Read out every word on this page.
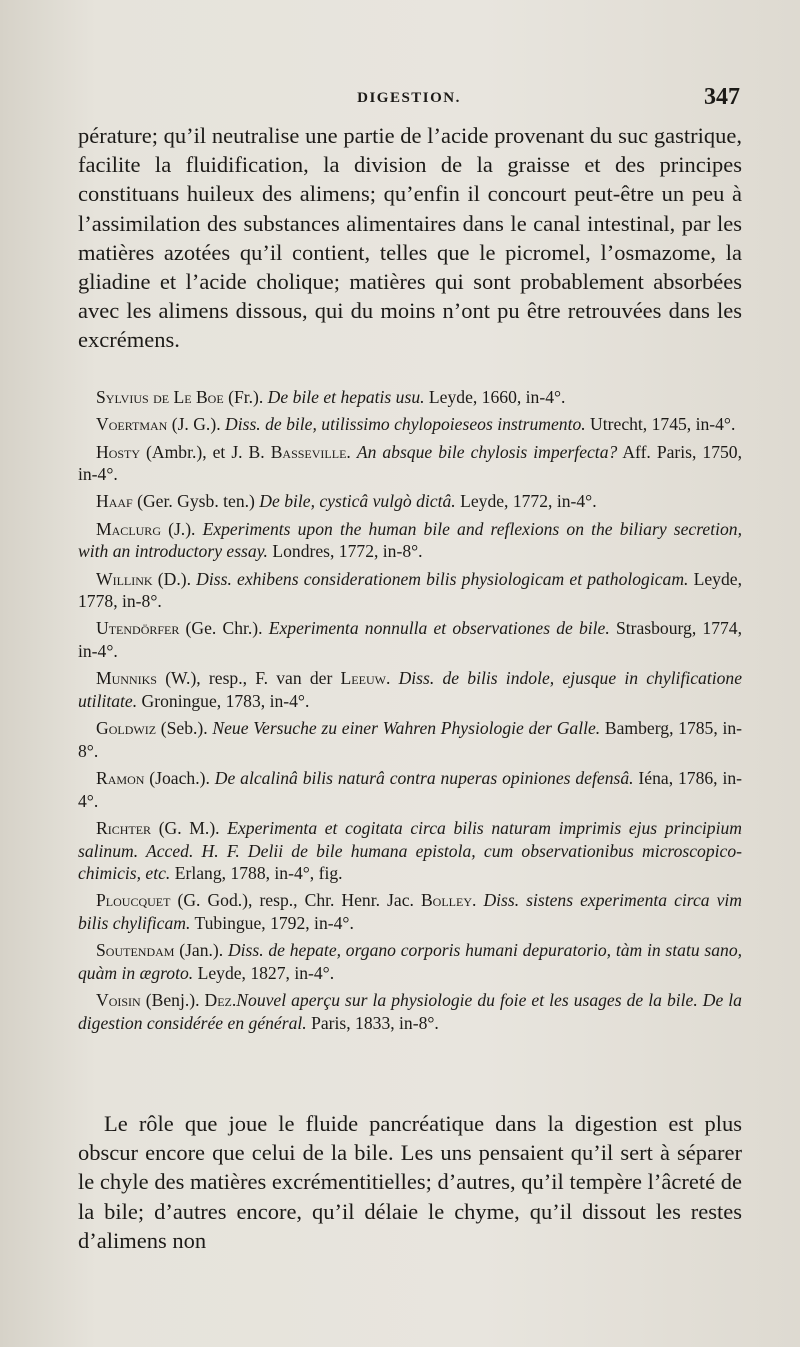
DIGESTION.	347

pérature; qu’il neutralise une partie de l’acide provenant du suc gastrique, facilite la fluidification, la division de la graisse et des principes constituans huileux des alimens; qu’enfin il concourt peut-être un peu à l’assimilation des substances alimentaires dans le canal intestinal, par les matières azotées qu’il contient, telles que le picromel, l’osmazome, la gliadine et l’acide cholique; matières qui sont probablement absorbées avec les alimens dissous, qui du moins n’ont pu être retrouvées dans les excrémens.

Sylvius de Le Boe (Fr.). De bile et hepatis usu. Leyde, 1660, in-4°.
Voertman (J. G.). Diss. de bile, utilissimo chylopoieseos instrumento. Utrecht, 1745, in-4°.
Hosty (Ambr.), et J. B. Basseville. An absque bile chylosis imperfecta? Aff. Paris, 1750, in-4°.
Haaf (Ger. Gysb. ten.) De bile, cysticâ vulgò dictâ. Leyde, 1772, in-4°.
Maclurg (J.). Experiments upon the human bile and reflexions on the biliary secretion, with an introductory essay. Londres, 1772, in-8°.
Willink (D.). Diss. exhibens considerationem bilis physiologicam et pathologicam. Leyde, 1778, in-8°.
Utendörfer (Ge. Chr.). Experimenta nonnulla et observationes de bile. Strasbourg, 1774, in-4°.
Munniks (W.), resp., F. van der Leeuw. Diss. de bilis indole, ejusque in chylificatione utilitate. Groningue, 1783, in-4°.
Goldwiz (Seb.). Neue Versuche zu einer Wahren Physiologie der Galle. Bamberg, 1785, in-8°.
Ramon (Joach.). De alcalinâ bilis naturâ contra nuperas opiniones defensâ. Iéna, 1786, in-4°.
Richter (G. M.). Experimenta et cogitata circa bilis naturam imprimis ejus principium salinum. Acced. H. F. Delii de bile humana epistola, cum observationibus microscopico-chimicis, etc. Erlang, 1788, in-4°, fig.
Ploucquet (G. God.), resp., Chr. Henr. Jac. Bolley. Diss. sistens experimenta circa vim bilis chylificam. Tubingue, 1792, in-4°.
Soutendam (Jan.). Diss. de hepate, organo corporis humani depuratorio, tàm in statu sano, quàm in ægroto. Leyde, 1827, in-4°.
Voisin (Benj.). Dez.Nouvel aperçu sur la physiologie du foie et les usages de la bile. De la digestion considérée en général. Paris, 1833, in-8°.

Le rôle que joue le fluide pancréatique dans la digestion est plus obscur encore que celui de la bile. Les uns pensaient qu’il sert à séparer le chyle des matières excrémentitielles; d’autres, qu’il tempère l’âcreté de la bile; d’autres encore, qu’il délaie le chyme, qu’il dissout les restes d’alimens non
